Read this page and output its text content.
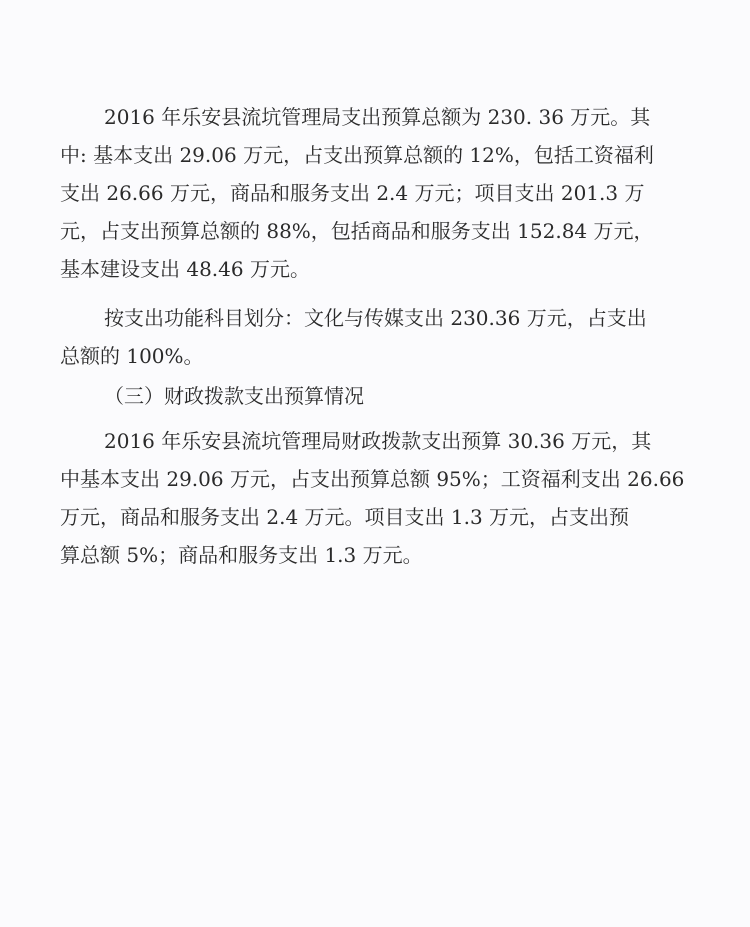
2016 年乐安县流坑管理局支出预算总额为 230. 36 万元。其
中: 基本支出 29.06 万元，占支出预算总额的 12%，包括工资福利
支出 26.66 万元，商品和服务支出 2.4 万元；项目支出 201.3 万
元，占支出预算总额的 88%，包括商品和服务支出 152.84 万元，
基本建设支出 48.46 万元。
按支出功能科目划分：文化与传媒支出 230.36 万元，占支出
总额的 100%。
（三）财政拨款支出预算情况
2016 年乐安县流坑管理局财政拨款支出预算 30.36 万元，其
中基本支出 29.06 万元，占支出预算总额 95%；工资福利支出 26.66
万元，商品和服务支出 2.4 万元。项目支出 1.3 万元，占支出预
算总额 5%；商品和服务支出 1.3 万元。
